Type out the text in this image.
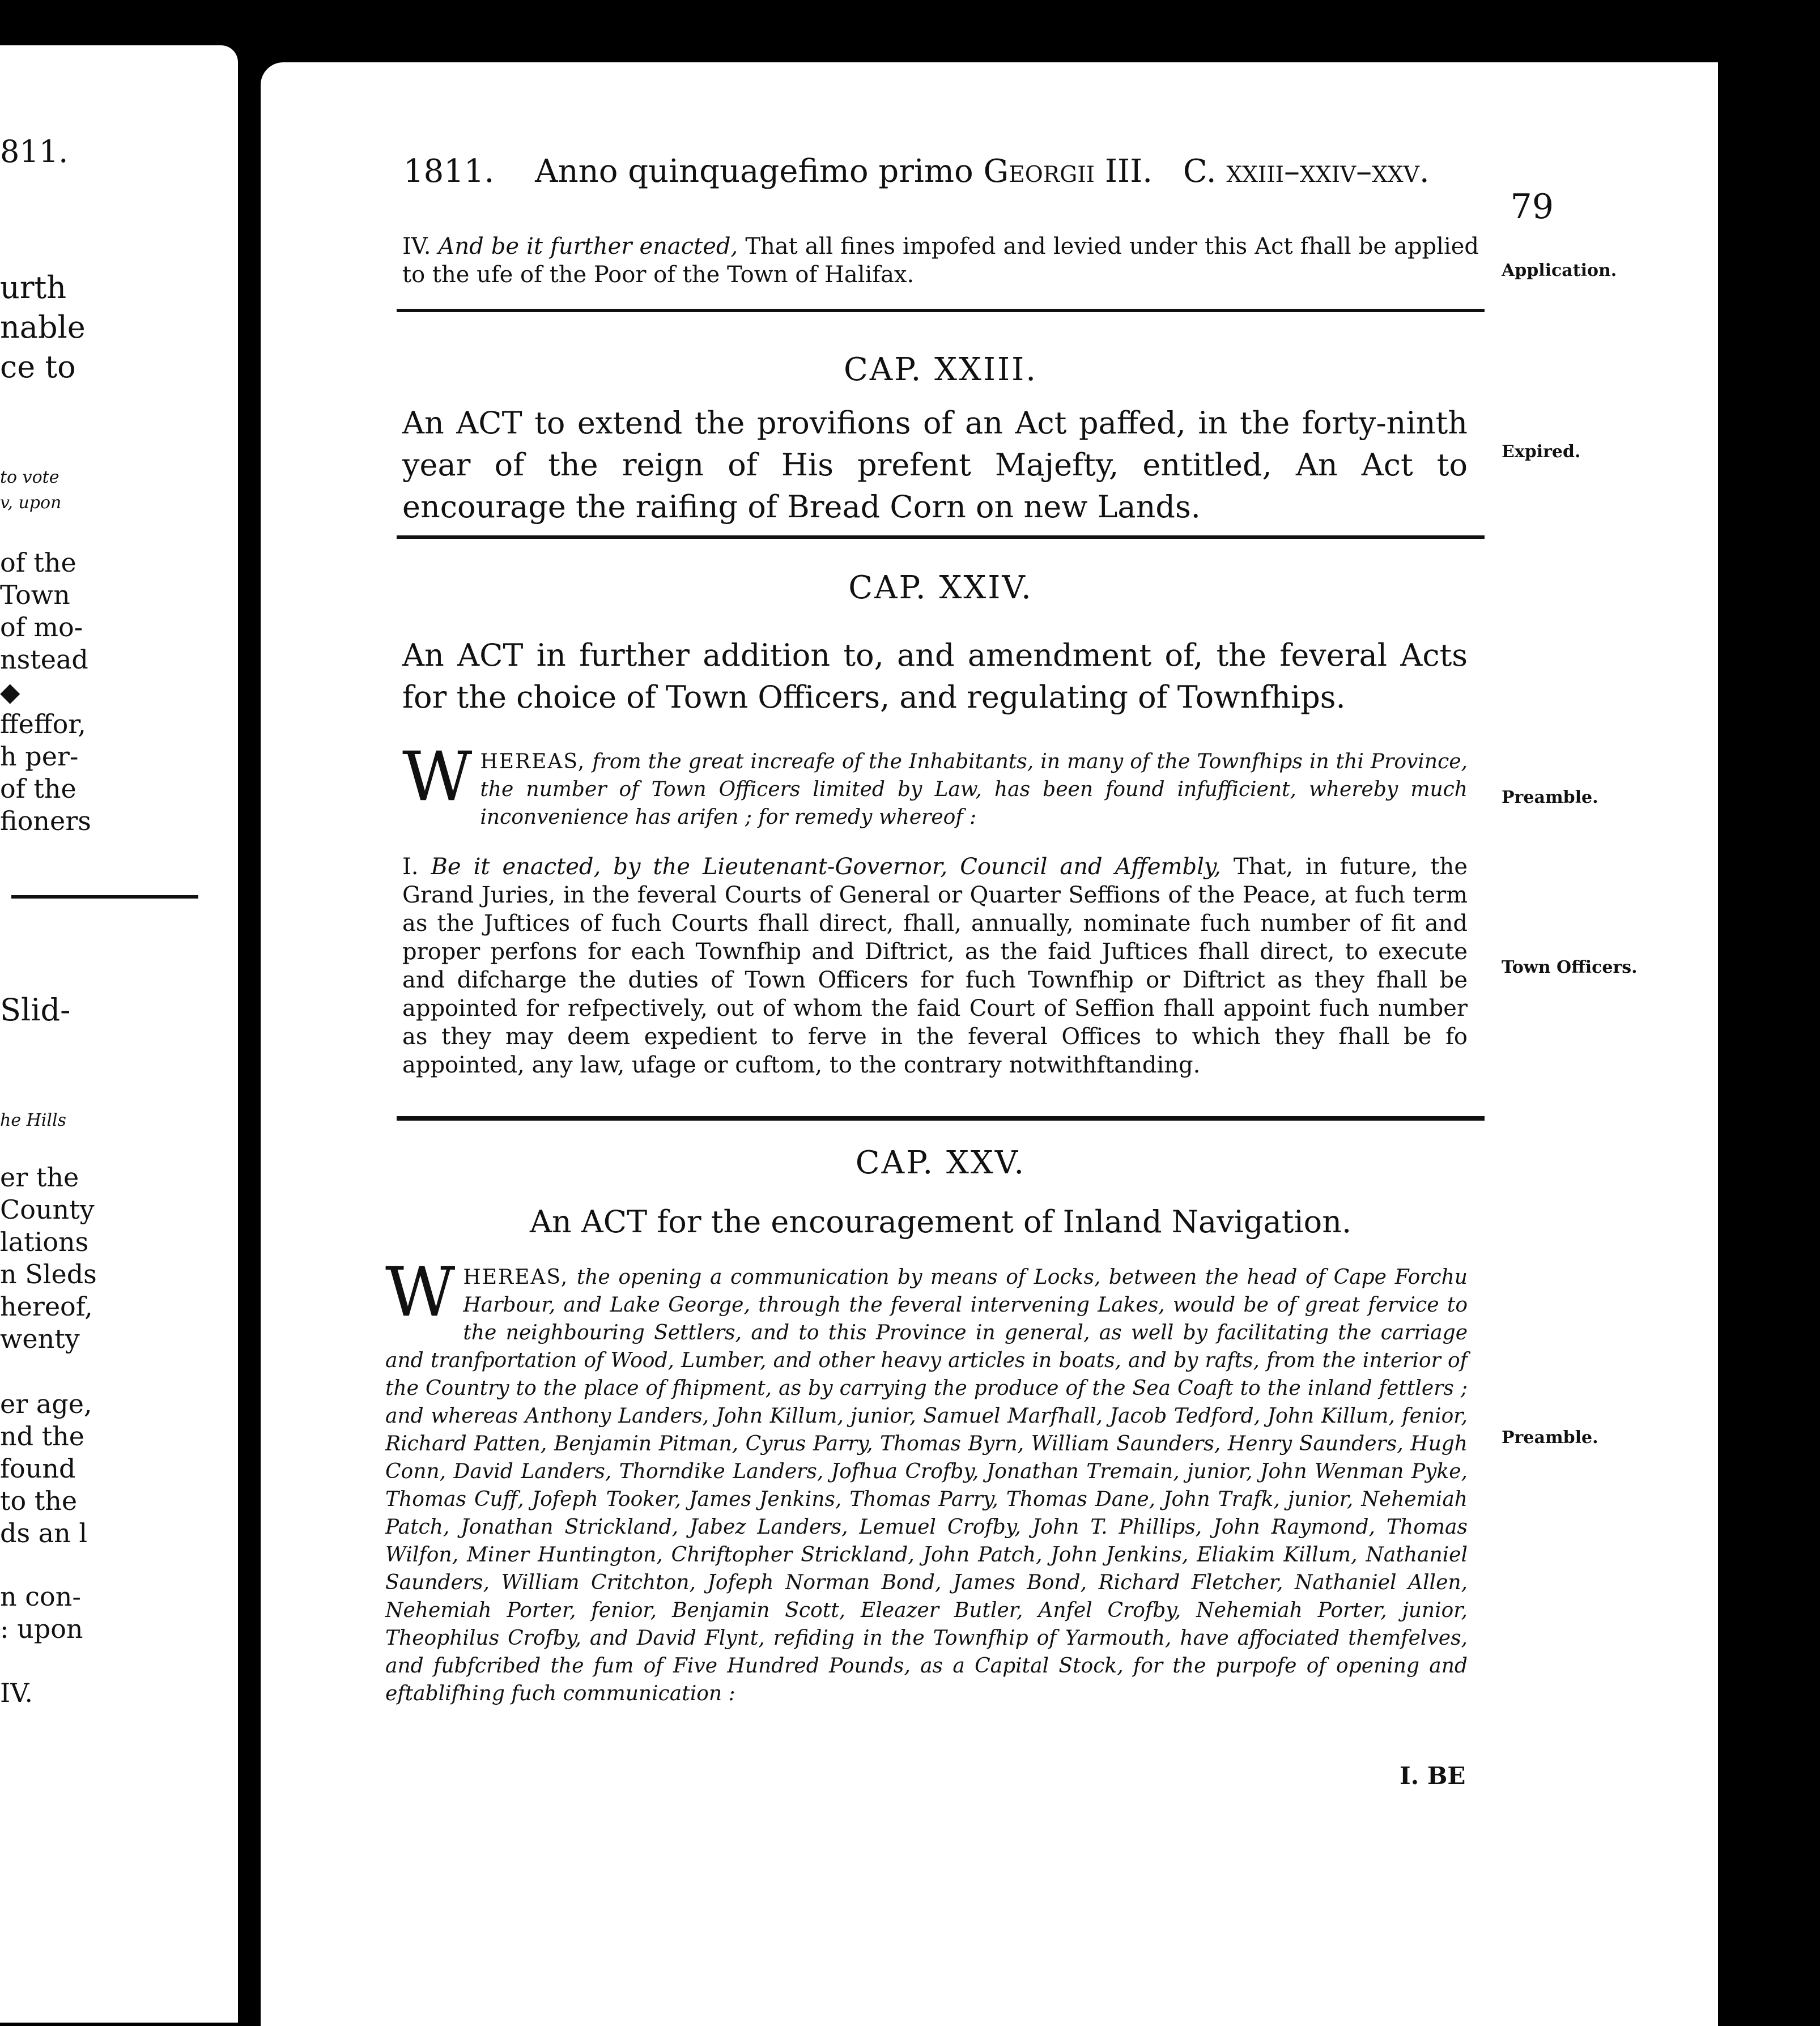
811.
urth
nable
ce to
to vote
v, upon
of the
Town
of mo-
nstead
◆
ffeffor,
h per-
of the
fioners
Slid-
he Hills
er the
County
lations
n Sleds
hereof,
wenty
er age,
nd the
found
to the
ds an l
n con-
: upon
IV.
1811. Anno quinquagefimo primo Georgii III. C. xxiii–xxiv–xxv.
79
IV. And be it further enacted, That all fines impofed and levied under this Act fhall be applied to the ufe of the Poor of the Town of Halifax.	Application.
CAP. XXIII.
An ACT to extend the provifions of an Act paffed, in the forty-ninth year of the reign of His prefent Majefty, entitled, An Act to encourage the raifing of Bread Corn on new Lands.
Expired.
CAP. XXIV.
An ACT in further addition to, and amendment of, the feveral Acts for the choice of Town Officers, and regulating of Townfhips.
W HEREAS, from the great increafe of the Inhabitants, in many of the Townfhips in thi Province, the number of Town Officers limited by Law, has been found infufficient, whereby much inconvenience has arifen ; for remedy whereof :
Preamble.
I. Be it enacted, by the Lieutenant-Governor, Council and Affembly, That, in future, the Grand Juries, in the feveral Courts of General or Quarter Seffions of the Peace, at fuch term as the Juftices of fuch Courts fhall direct, fhall, annually, nominate fuch number of fit and proper perfons for each Townfhip and Diftrict, as the faid Juftices fhall direct, to execute and difcharge the duties of Town Officers for fuch Townfhip or Diftrict as they fhall be appointed for refpectively, out of whom the faid Court of Seffion fhall appoint fuch number as they may deem expedient to ferve in the feveral Offices to which they fhall be fo appointed, any law, ufage or cuftom, to the contrary notwithftanding.
Town Officers.
CAP. XXV.
An ACT for the encouragement of Inland Navigation.
W HEREAS, the opening a communication by means of Locks, between the head of Cape Forchu Harbour, and Lake George, through the feveral intervening Lakes, would be of great fervice to the neighbouring Settlers, and to this Province in general, as well by facilitating the carriage and tranfportation of Wood, Lumber, and other heavy articles in boats, and by rafts, from the interior of the Country to the place of fhipment, as by carrying the produce of the Sea Coaft to the inland fettlers ; and whereas Anthony Landers, John Killum, junior, Samuel Marfhall, Jacob Tedford, John Killum, fenior, Richard Patten, Benjamin Pitman, Cyrus Parry, Thomas Byrn, William Saunders, Henry Saunders, Hugh Conn, David Landers, Thorndike Landers, Jofhua Crofby, Jonathan Tremain, junior, John Wenman Pyke, Thomas Cuff, Jofeph Tooker, James Jenkins, Thomas Parry, Thomas Dane, John Trafk, junior, Nehemiah Patch, Jonathan Strickland, Jabez Landers, Lemuel Crofby, John T. Phillips, John Raymond, Thomas Wilfon, Miner Huntington, Chriftopher Strickland, John Patch, John Jenkins, Eliakim Killum, Nathaniel Saunders, William Critchton, Jofeph Norman Bond, James Bond, Richard Fletcher, Nathaniel Allen, Nehemiah Porter, fenior, Benjamin Scott, Eleazer Butler, Anfel Crofby, Nehemiah Porter, junior, Theophilus Crofby, and David Flynt, refiding in the Townfhip of Yarmouth, have affociated themfelves, and fubfcribed the fum of Five Hundred Pounds, as a Capital Stock, for the purpofe of opening and eftablifhing fuch communication :
Preamble.
I. BE
